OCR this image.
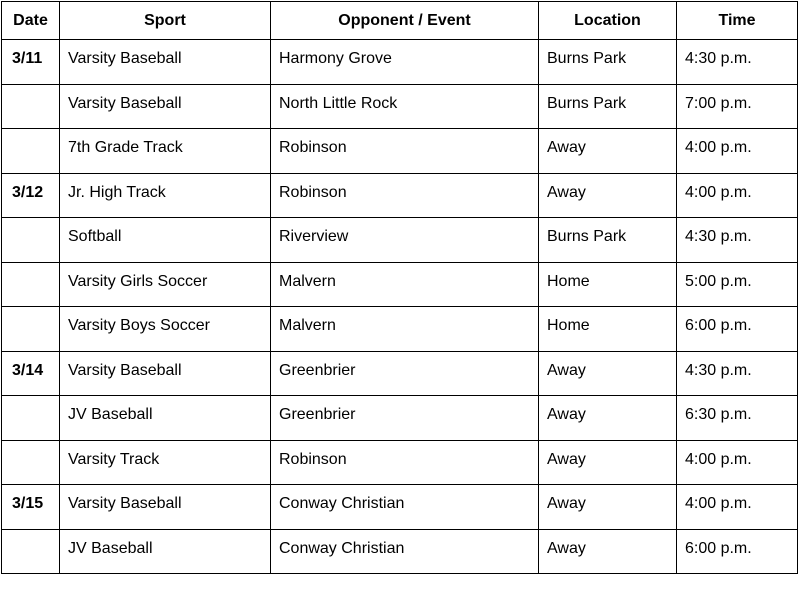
Date	Sport	Opponent / Event	Location	Time
3/11	Varsity Baseball	Harmony Grove	Burns Park	4:30 p.m.
	Varsity Baseball	North Little Rock	Burns Park	7:00 p.m.
	7th Grade Track	Robinson	Away	4:00 p.m.
3/12	Jr. High Track	Robinson	Away	4:00 p.m.
	Softball	Riverview	Burns Park	4:30 p.m.
	Varsity Girls Soccer	Malvern	Home	5:00 p.m.
	Varsity Boys Soccer	Malvern	Home	6:00 p.m.
3/14	Varsity Baseball	Greenbrier	Away	4:30 p.m.
	JV Baseball	Greenbrier	Away	6:30 p.m.
	Varsity Track	Robinson	Away	4:00 p.m.
3/15	Varsity Baseball	Conway Christian	Away	4:00 p.m.
	JV Baseball	Conway Christian	Away	6:00 p.m.
